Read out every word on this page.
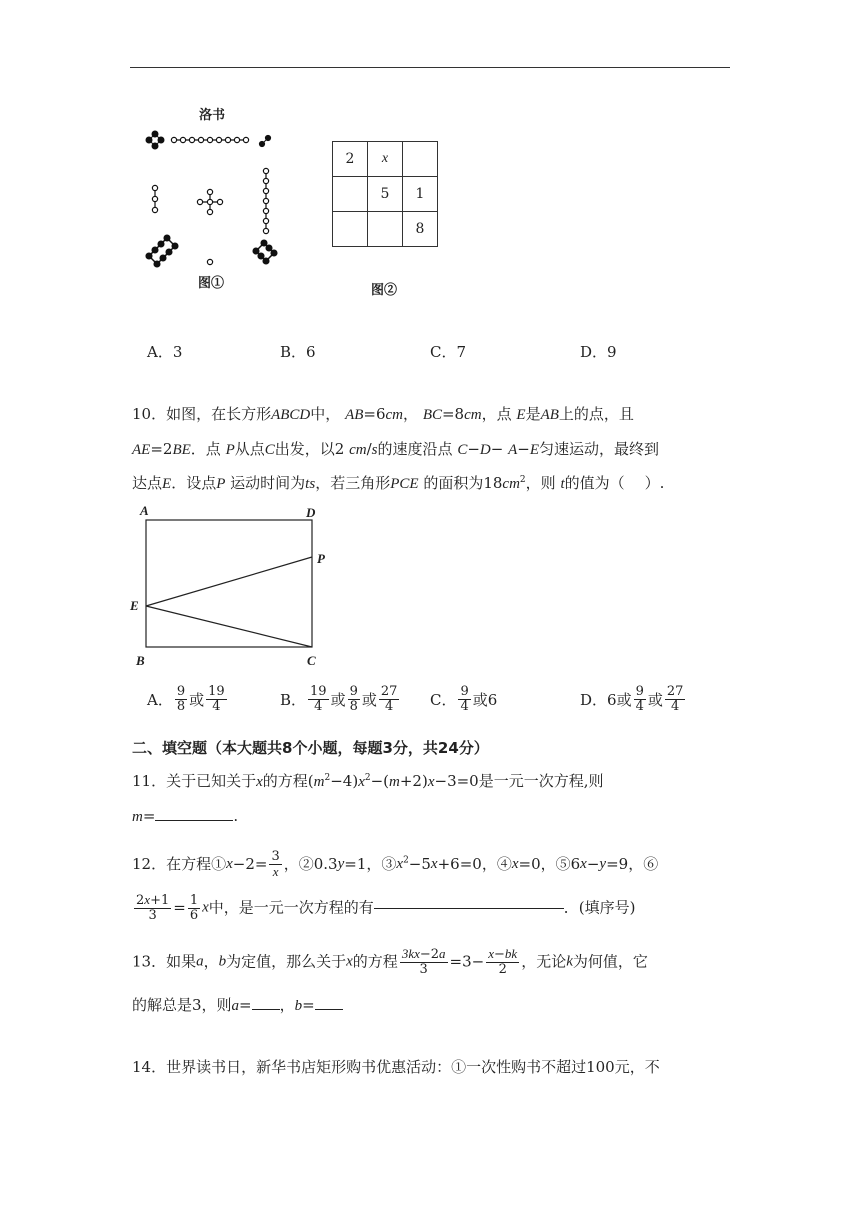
洛书
图①
2	x	
	5	1
		8
图②
A．3	B．6	C．7	D．9
10．如图，在长方形ABCD中， AB=6cm， BC=8cm，点 E是AB上的点，且
AE=2BE．点 P从点C出发，以2 cm/s的速度沿点 C−D− A−E匀速运动，最终到
达点E．设点P 运动时间为ts，若三角形PCE 的面积为$18cm^2$，则 t的值为（ ）.
A	D
P
E
B	C
A． $\frac{9}{8}$ 或 $\frac{19}{4}$	B． $\frac{19}{4}$ 或 $\frac{9}{8}$ 或 $\frac{27}{4}$ C． $\frac{9}{4}$ 或6	D．6或 $\frac{9}{4}$ 或 $\frac{27}{4}$
二、填空题（本大题共8个小题，每题3分，共24分）
11．关于已知关于x的方程$(m^2-4)x^2-(m+2)x-3=0$是一元一次方程,则
m=	.
12．在方程①x−2= $\frac{3}{x}$ ，②0.3y=1，$③x^2-5x+6=0$，④x=0，⑤6x−y=9，⑥
$\frac{2x+1}{3} = \frac{1}{6}$ x中，是一元一次方程的有	．(填序号)
13．如果a，b为定值，那么关于x的方程 $\frac{3kx-2a}{3} =3- \frac{x-bk}{2}$ ，无论k为何值，它
的解总是3，则a= ，b=
14．世界读书日，新华书店矩形购书优惠活动：①一次性购书不超过100元，不
